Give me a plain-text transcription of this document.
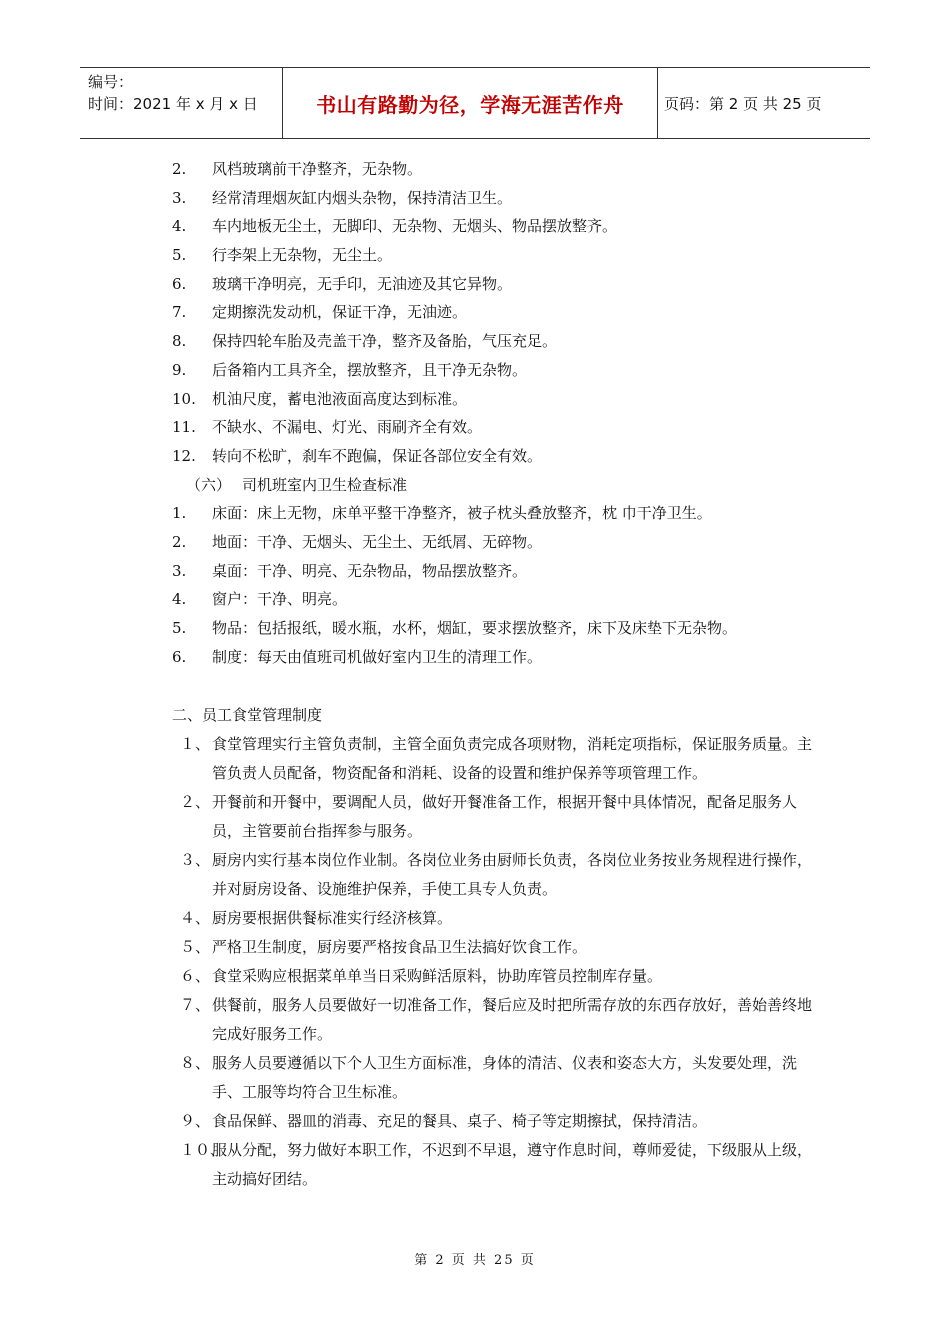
编号：
时间：2021 年 x 月 x 日	书山有路勤为径，学海无涯苦作舟	页码：第 2 页 共 25 页
2. 风档玻璃前干净整齐，无杂物。
3. 经常清理烟灰缸内烟头杂物，保持清洁卫生。
4. 车内地板无尘土，无脚印、无杂物、无烟头、物品摆放整齐。
5. 行李架上无杂物，无尘土。
6. 玻璃干净明亮，无手印，无油迹及其它异物。
7. 定期擦洗发动机，保证干净，无油迹。
8. 保持四轮车胎及壳盖干净，整齐及备胎，气压充足。
9. 后备箱内工具齐全，摆放整齐，且干净无杂物。
10. 机油尺度，蓄电池液面高度达到标准。
11. 不缺水、不漏电、灯光、雨刷齐全有效。
12. 转向不松旷，刹车不跑偏，保证各部位安全有效。
（六） 司机班室内卫生检查标准
1. 床面：床上无物，床单平整干净整齐，被子枕头叠放整齐，枕 巾干净卫生。
2. 地面：干净、无烟头、无尘土、无纸屑、无碎物。
3. 桌面：干净、明亮、无杂物品，物品摆放整齐。
4. 窗户：干净、明亮。
5. 物品：包括报纸，暖水瓶，水杯，烟缸，要求摆放整齐，床下及床垫下无杂物。
6. 制度：每天由值班司机做好室内卫生的清理工作。
二、员工食堂管理制度
１、 食堂管理实行主管负责制，主管全面负责完成各项财物，消耗定项指标，保证服务质量。主管负责人员配备，物资配备和消耗、设备的设置和维护保养等项管理工作。
２、 开餐前和开餐中，要调配人员，做好开餐准备工作，根据开餐中具体情况，配备足服务人员，主管要前台指挥参与服务。
３、 厨房内实行基本岗位作业制。各岗位业务由厨师长负责，各岗位业务按业务规程进行操作，并对厨房设备、设施维护保养，手使工具专人负责。
４、 厨房要根据供餐标准实行经济核算。
５、 严格卫生制度，厨房要严格按食品卫生法搞好饮食工作。
６、 食堂采购应根据菜单单当日采购鲜活原料，协助库管员控制库存量。
７、 供餐前，服务人员要做好一切准备工作，餐后应及时把所需存放的东西存放好，善始善终地完成好服务工作。
８、 服务人员要遵循以下个人卫生方面标准，身体的清洁、仪表和姿态大方，头发要处理，洗手、工服等均符合卫生标准。
９、 食品保鲜、器皿的消毒、充足的餐具、桌子、椅子等定期擦拭，保持清洁。
１０、
服从分配，努力做好本职工作，不迟到不早退，遵守作息时间，尊师爱徒，下级服从上级，主动搞好团结。
第 2 页 共 25 页
